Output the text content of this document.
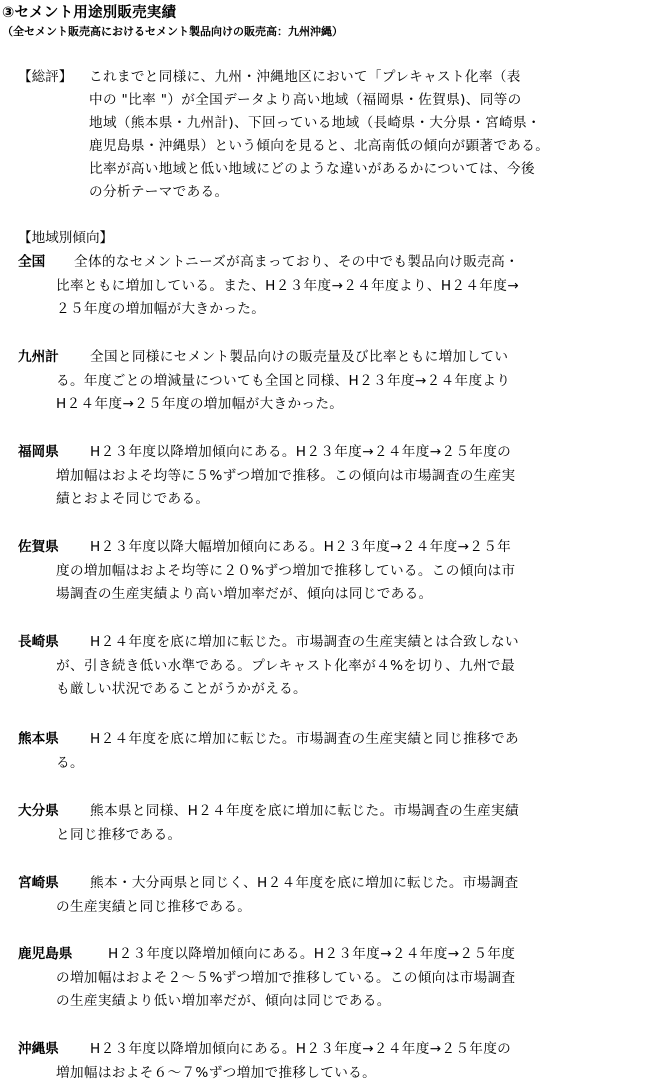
③セメント用途別販売実績
（全セメント販売高におけるセメント製品向けの販売高：九州沖縄）
【総評】 これまでと同様に、九州・沖縄地区において「プレキャスト化率（表
中の "比率 "）が全国データより高い地域（福岡県・佐賀県)、同等の
地域（熊本県・九州計)、下回っている地域（長崎県・大分県・宮崎県・
鹿児島県・沖縄県）という傾向を見ると、北高南低の傾向が顕著である。
比率が高い地域と低い地域にどのような違いがあるかについては、今後
の分析テーマである。
【地域別傾向】
全国	全体的なセメントニーズが高まっており、その中でも製品向け販売高・
比率ともに増加している。また、H２３年度→２４年度より、H２４年度→
２５年度の増加幅が大きかった。
九州計	全国と同様にセメント製品向けの販売量及び比率ともに増加してい
る。年度ごとの増減量についても全国と同様、H２３年度→２４年度より
H２４年度→２５年度の増加幅が大きかった。
福岡県	H２３年度以降増加傾向にある。H２３年度→２４年度→２５年度の
増加幅はおよそ均等に５%ずつ増加で推移。この傾向は市場調査の生産実
績とおよそ同じである。
佐賀県	H２３年度以降大幅増加傾向にある。H２３年度→２４年度→２５年
度の増加幅はおよそ均等に２０%ずつ増加で推移している。この傾向は市
場調査の生産実績より高い増加率だが、傾向は同じである。
長崎県	H２４年度を底に増加に転じた。市場調査の生産実績とは合致しない
が、引き続き低い水準である。プレキャスト化率が４%を切り、九州で最
も厳しい状況であることがうかがえる。
熊本県	H２４年度を底に増加に転じた。市場調査の生産実績と同じ推移であ
る。
大分県	熊本県と同様、H２４年度を底に増加に転じた。市場調査の生産実績
と同じ推移である。
宮崎県	熊本・大分両県と同じく、H２４年度を底に増加に転じた。市場調査
の生産実績と同じ推移である。
鹿児島県	H２３年度以降増加傾向にある。H２３年度→２４年度→２５年度
の増加幅はおよそ２～５%ずつ増加で推移している。この傾向は市場調査
の生産実績より低い増加率だが、傾向は同じである。
沖縄県	H２３年度以降増加傾向にある。H２３年度→２４年度→２５年度の
増加幅はおよそ６～７%ずつ増加で推移している。
